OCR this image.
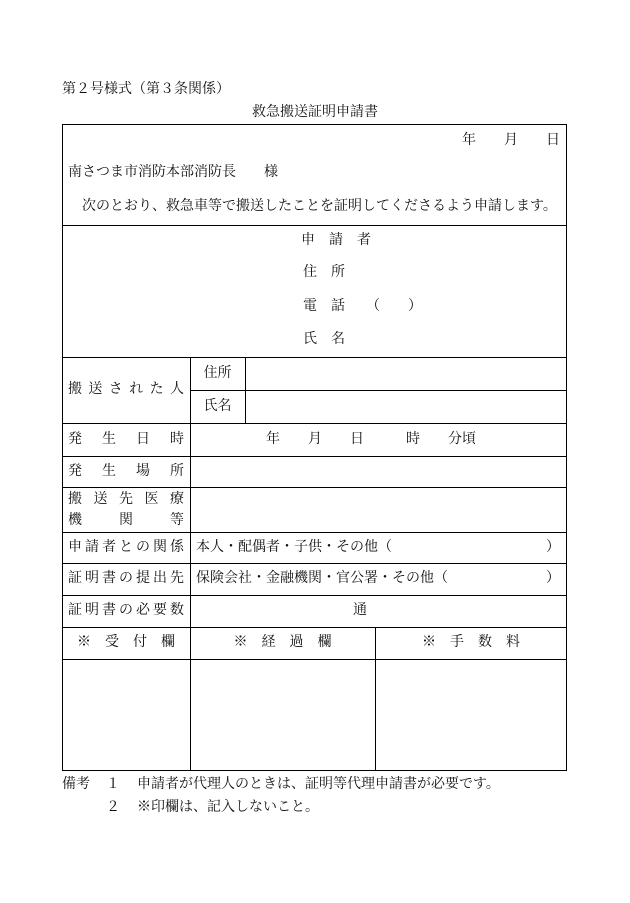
第２号様式（第３条関係）
救急搬送証明申請書
年　　月　　日
南さつま市消防本部消防長　　様
次のとおり、救急車等で搬送したことを証明してくださるよう申請します。
申　請　者
住　所
電　話　　（　　）
氏　名
搬送された人
住所
氏名
発　生　日　時	年　　月　　日　　　時　　分頃
発　生　場　所
搬送先医療
機　関　等
申請者との関係 本人・配偶者・子供・その他（　　　　　　　　　　　）
証明書の提出先 保険会社・金融機関・官公署・その他（　　　　　　　）
証明書の必要数	通
※　受　付　欄	※　経　過　欄	※　手　数　料
備考 １ 申請者が代理人のときは、証明等代理申請書が必要です。
２ ※印欄は、記入しないこと。
